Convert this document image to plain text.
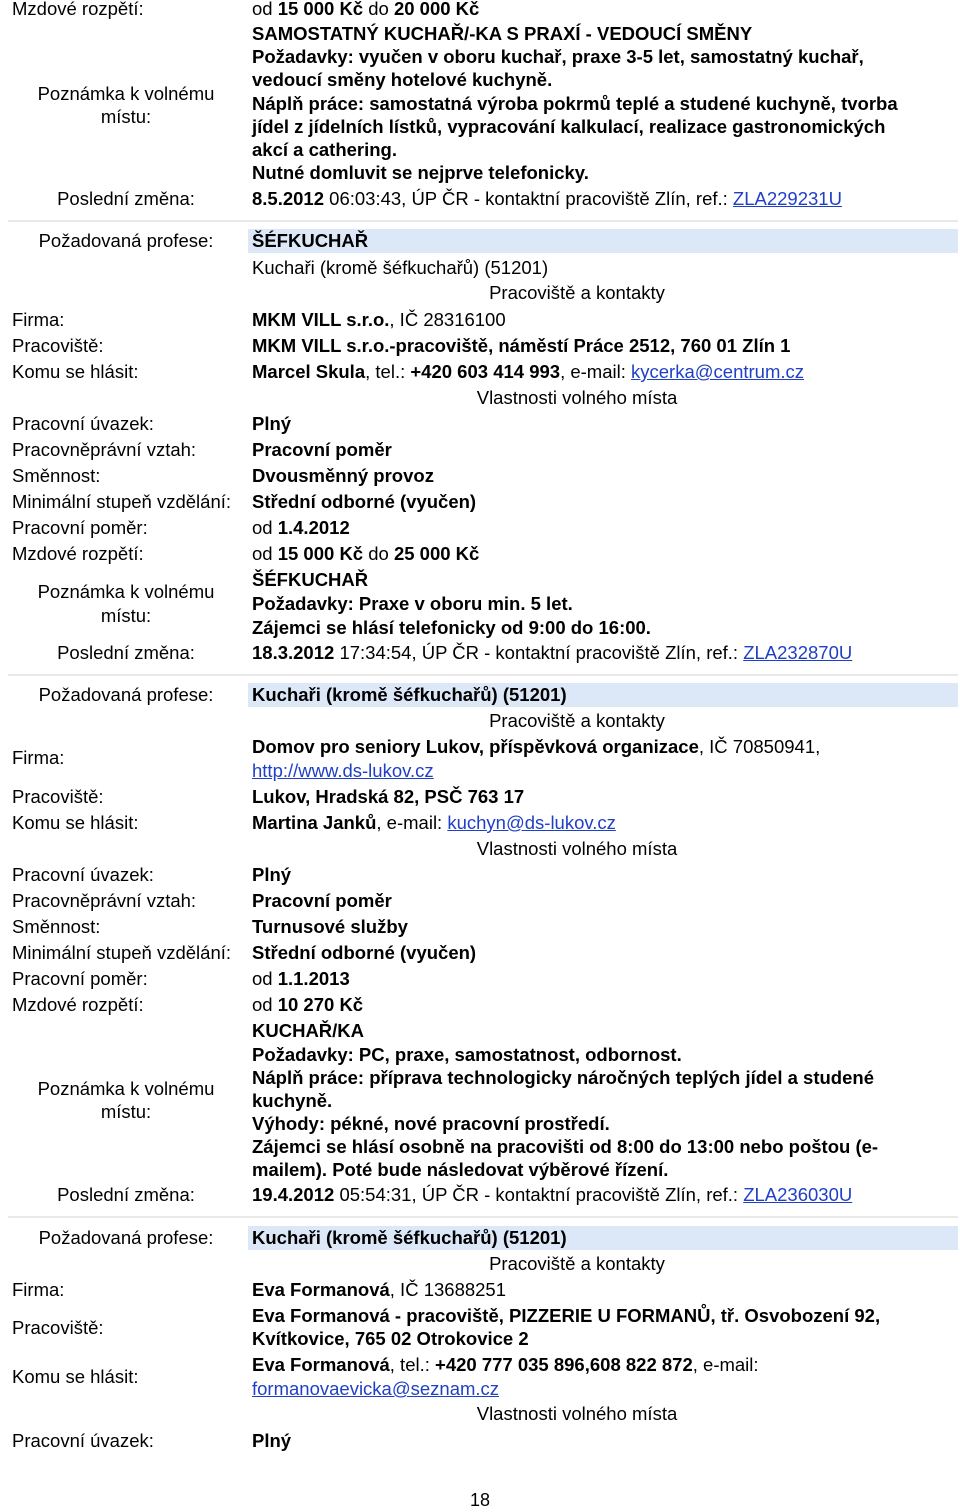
Mzdové rozpětí:	od 15 000 Kč do 20 000 Kč
Poznámka k volnému
místu:
SAMOSTATNÝ KUCHAŘ/-KA S PRAXÍ - VEDOUCÍ SMĚNY
Požadavky: vyučen v oboru kuchař, praxe 3-5 let, samostatný kuchař,
vedoucí směny hotelové kuchyně.
Náplň práce: samostatná výroba pokrmů teplé a studené kuchyně, tvorba
jídel z jídelních lístků, vypracování kalkulací, realizace gastronomických
akcí a cathering.
Nutné domluvit se nejprve telefonicky.
Poslední změna:	8.5.2012 06:03:43, ÚP ČR - kontaktní pracoviště Zlín, ref.: ZLA229231U
Požadovaná profese:	ŠÉFKUCHAŘ
Kuchaři (kromě šéfkuchařů) (51201)
Pracoviště a kontakty
Firma:	MKM VILL s.r.o., IČ 28316100
Pracoviště:	MKM VILL s.r.o.-pracoviště, náměstí Práce 2512, 760 01 Zlín 1
Komu se hlásit:	Marcel Skula, tel.: +420 603 414 993, e-mail: kycerka@centrum.cz
Vlastnosti volného místa
Pracovní úvazek:	Plný
Pracovněprávní vztah:	Pracovní poměr
Směnnost:	Dvousměnný provoz
Minimální stupeň vzdělání: Střední odborné (vyučen)
Pracovní poměr:	od 1.4.2012
Mzdové rozpětí:	od 15 000 Kč do 25 000 Kč
Poznámka k volnému
místu:
ŠÉFKUCHAŘ
Požadavky: Praxe v oboru min. 5 let.
Zájemci se hlásí telefonicky od 9:00 do 16:00.
Poslední změna:	18.3.2012 17:34:54, ÚP ČR - kontaktní pracoviště Zlín, ref.: ZLA232870U
Požadovaná profese:	Kuchaři (kromě šéfkuchařů) (51201)
Pracoviště a kontakty
Firma:
Domov pro seniory Lukov, příspěvková organizace, IČ 70850941,
http://www.ds-lukov.cz
Pracoviště:	Lukov, Hradská 82, PSČ 763 17
Komu se hlásit:	Martina Janků, e-mail: kuchyn@ds-lukov.cz
Vlastnosti volného místa
Pracovní úvazek:	Plný
Pracovněprávní vztah:	Pracovní poměr
Směnnost:	Turnusové služby
Minimální stupeň vzdělání: Střední odborné (vyučen)
Pracovní poměr:	od 1.1.2013
Mzdové rozpětí:	od 10 270 Kč
Poznámka k volnému
místu:
KUCHAŘ/KA
Požadavky: PC, praxe, samostatnost, odbornost.
Náplň práce: příprava technologicky náročných teplých jídel a studené
kuchyně.
Výhody: pékné, nové pracovní prostředí.
Zájemci se hlásí osobně na pracovišti od 8:00 do 13:00 nebo poštou (e-
mailem). Poté bude následovat výběrové řízení.
Poslední změna:	19.4.2012 05:54:31, ÚP ČR - kontaktní pracoviště Zlín, ref.: ZLA236030U
Požadovaná profese:	Kuchaři (kromě šéfkuchařů) (51201)
Pracoviště a kontakty
Firma:	Eva Formanová, IČ 13688251
Pracoviště:
Eva Formanová - pracoviště, PIZZERIE U FORMANŮ, tř. Osvobození 92,
Kvítkovice, 765 02 Otrokovice 2
Komu se hlásit:
Eva Formanová, tel.: +420 777 035 896,608 822 872, e-mail:
formanovaevicka@seznam.cz
Vlastnosti volného místa
Pracovní úvazek:	Plný
18
